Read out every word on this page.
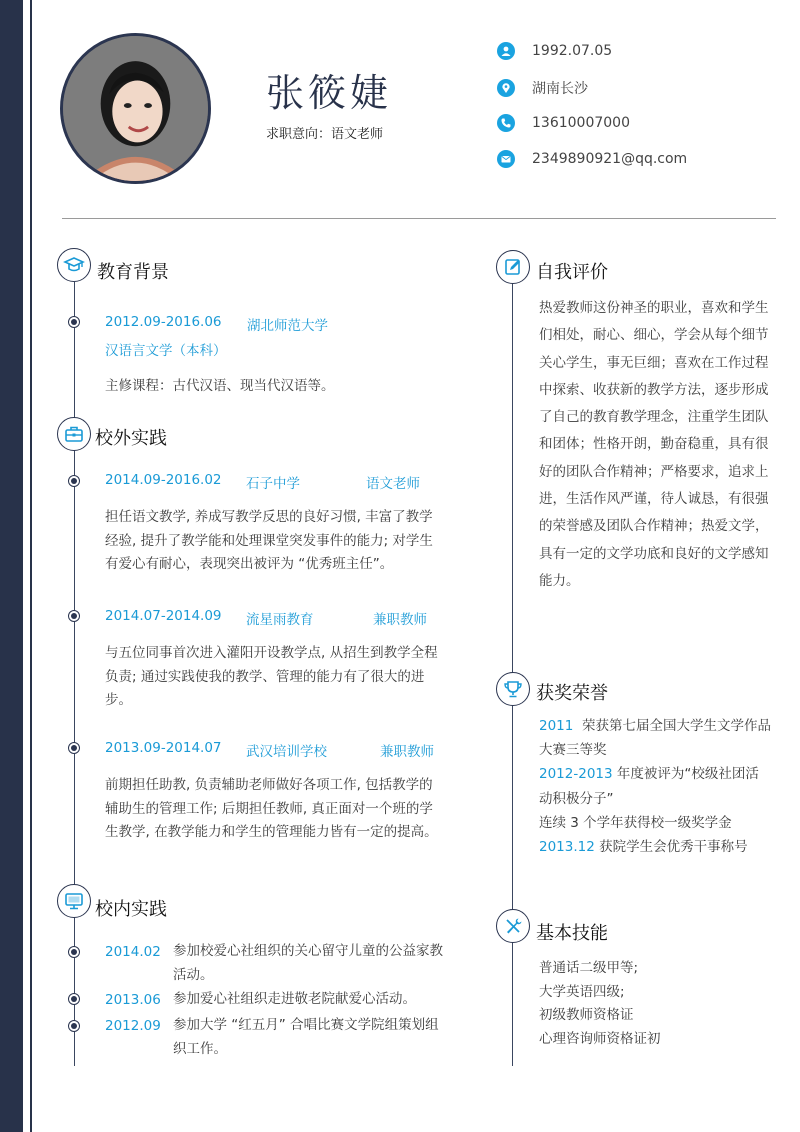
张筱婕
求职意向：语文老师
1992.07.05
湖南长沙
13610007000
2349890921@qq.com
教育背景
2012.09-2016.06 湖北师范大学
汉语言文学（本科）
主修课程：古代汉语、现当代汉语等。
校外实践
2014.09-2016.02 石子中学	语文老师
担任语文教学, 养成写教学反思的良好习惯, 丰富了教学经验, 提升了教学能和处理课堂突发事件的能力; 对学生有爱心有耐心，表现突出被评为 “优秀班主任”。
2014.07-2014.09 流星雨教育	兼职教师
与五位同事首次进入灌阳开设教学点, 从招生到教学全程负责; 通过实践使我的教学、管理的能力有了很大的进步。
2013.09-2014.07 武汉培训学校	兼职教师
前期担任助教, 负责辅助老师做好各项工作, 包括教学的辅助生的管理工作; 后期担任教师, 真正面对一个班的学生教学, 在教学能力和学生的管理能力皆有一定的提高。
校内实践
2014.02 参加校爱心社组织的关心留守儿童的公益家教活动。
2013.06 参加爱心社组织走进敬老院献爱心活动。
2012.09 参加大学 “红五月” 合唱比赛文学院组策划组织工作。
自我评价
热爱教师这份神圣的职业，喜欢和学生们相处，耐心、细心，学会从每个细节关心学生，事无巨细；喜欢在工作过程中探索、收获新的教学方法，逐步形成了自己的教育教学理念，注重学生团队和团体；性格开朗，勤奋稳重，具有很好的团队合作精神；严格要求，追求上进，生活作风严谨，待人诚恳，有很强的荣誉感及团队合作精神；热爱文学，具有一定的文学功底和良好的文学感知能力。
获奖荣誉
2011 荣获第七届全国大学生文学作品大赛三等奖
2012-2013 年度被评为“校级社团活动积极分子”
连续 3 个学年获得校一级奖学金
2013.12 获院学生会优秀干事称号
基本技能
普通话二级甲等;
大学英语四级;
初级教师资格证
心理咨询师资格证初
